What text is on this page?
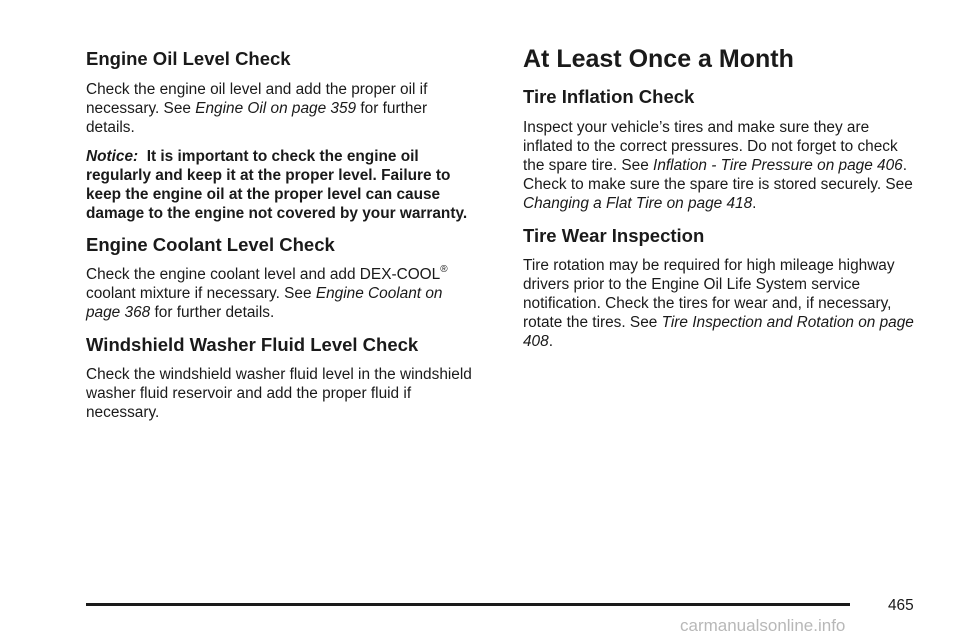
Engine Oil Level Check

Check the engine oil level and add the proper oil if necessary. See Engine Oil on page 359 for further details.

Notice:  It is important to check the engine oil regularly and keep it at the proper level. Failure to keep the engine oil at the proper level can cause damage to the engine not covered by your warranty.

Engine Coolant Level Check

Check the engine coolant level and add DEX-COOL® coolant mixture if necessary. See Engine Coolant on page 368 for further details.

Windshield Washer Fluid Level Check

Check the windshield washer fluid level in the windshield washer fluid reservoir and add the proper fluid if necessary.

At Least Once a Month
Tire Inflation Check

Inspect your vehicle’s tires and make sure they are inflated to the correct pressures. Do not forget to check the spare tire. See Inflation - Tire Pressure on page 406. Check to make sure the spare tire is stored securely. See Changing a Flat Tire on page 418.

Tire Wear Inspection

Tire rotation may be required for high mileage highway drivers prior to the Engine Oil Life System service notification. Check the tires for wear and, if necessary, rotate the tires. See Tire Inspection and Rotation on page 408.

465
carmanualsonline.info
